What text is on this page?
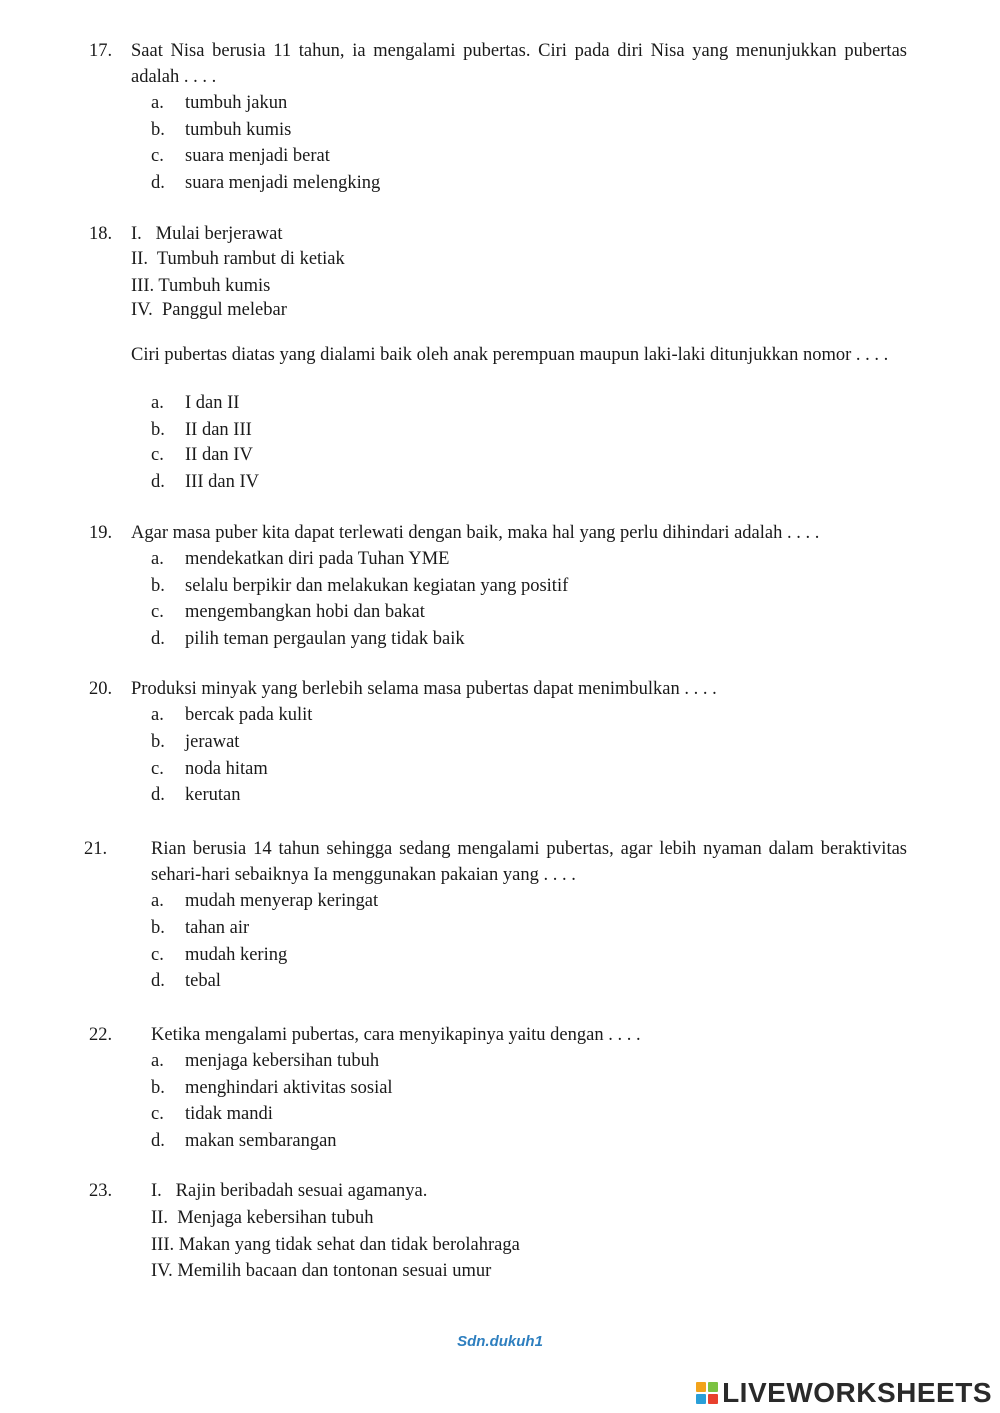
17. Saat Nisa berusia 11 tahun, ia mengalami pubertas. Ciri pada diri Nisa yang menunjukkan pubertas adalah . . . .
a. tumbuh jakun
b. tumbuh kumis
c. suara menjadi berat
d. suara menjadi melengking
18. I.   Mulai berjerawat
II.  Tumbuh rambut di ketiak
III. Tumbuh kumis
IV.  Panggul melebar
Ciri pubertas diatas yang dialami baik oleh anak perempuan maupun laki-laki ditunjukkan nomor . . . .
a. I dan II
b. II dan III
c. II dan IV
d. III dan IV
19. Agar masa puber kita dapat terlewati dengan baik, maka hal yang perlu dihindari adalah . . . .
a. mendekatkan diri pada Tuhan YME
b. selalu berpikir dan melakukan kegiatan yang positif
c. mengembangkan hobi dan bakat
d. pilih teman pergaulan yang tidak baik
20. Produksi minyak yang berlebih selama masa pubertas dapat menimbulkan . . . .
a. bercak pada kulit
b. jerawat
c. noda hitam
d. kerutan
21. Rian berusia 14 tahun sehingga sedang mengalami pubertas, agar lebih nyaman dalam beraktivitas sehari-hari sebaiknya Ia menggunakan pakaian yang . . . .
a. mudah menyerap keringat
b. tahan air
c. mudah kering
d. tebal
22. Ketika mengalami pubertas, cara menyikapinya yaitu dengan . . . .
a. menjaga kebersihan tubuh
b. menghindari aktivitas sosial
c. tidak mandi
d. makan sembarangan
23. I.   Rajin beribadah sesuai agamanya.
II.  Menjaga kebersihan tubuh
III. Makan yang tidak sehat dan tidak berolahraga
IV. Memilih bacaan dan tontonan sesuai umur
Sdn.dukuh1
LIVEWORKSHEETS
